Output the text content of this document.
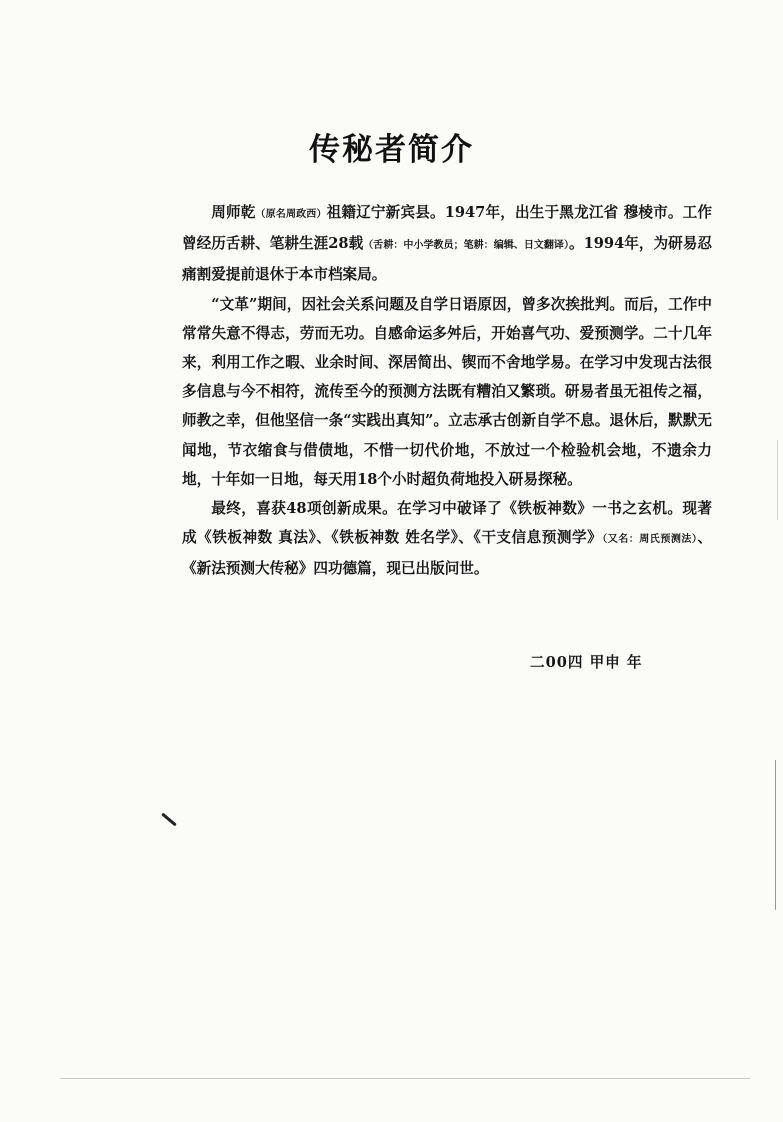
传秘者简介

周师乾（原名周政西）祖籍辽宁新宾县。1947年，出生于黑龙江省 穆棱市。工作曾经历舌耕、笔耕生涯28载（舌耕：中小学教员；笔耕：编辑、日文翻译）。1994年，为研易忍痛割爱提前退休于本市档案局。

“文革”期间，因社会关系问题及自学日语原因，曾多次挨批判。而后，工作中常常失意不得志，劳而无功。自感命运多舛后，开始喜气功、爱预测学。二十几年来，利用工作之暇、业余时间、深居简出、锲而不舍地学易。在学习中发现古法很多信息与今不相符，流传至今的预测方法既有糟泊又繁琐。研易者虽无祖传之福，师教之幸，但他坚信一条“实践出真知”。立志承古创新自学不息。退休后，默默无闻地，节衣缩食与借债地，不惜一切代价地，不放过一个检验机会地，不遗余力地，十年如一日地，每天用18个小时超负荷地投入研易探秘。

最终，喜获48项创新成果。在学习中破译了《铁板神数》一书之玄机。现著成《铁板神数 真法》、《铁板神数 姓名学》、《干支信息预测学》（又名：周氏预测法）、《新法预测大传秘》四功德篇，现已出版问世。

二00四 甲申 年
